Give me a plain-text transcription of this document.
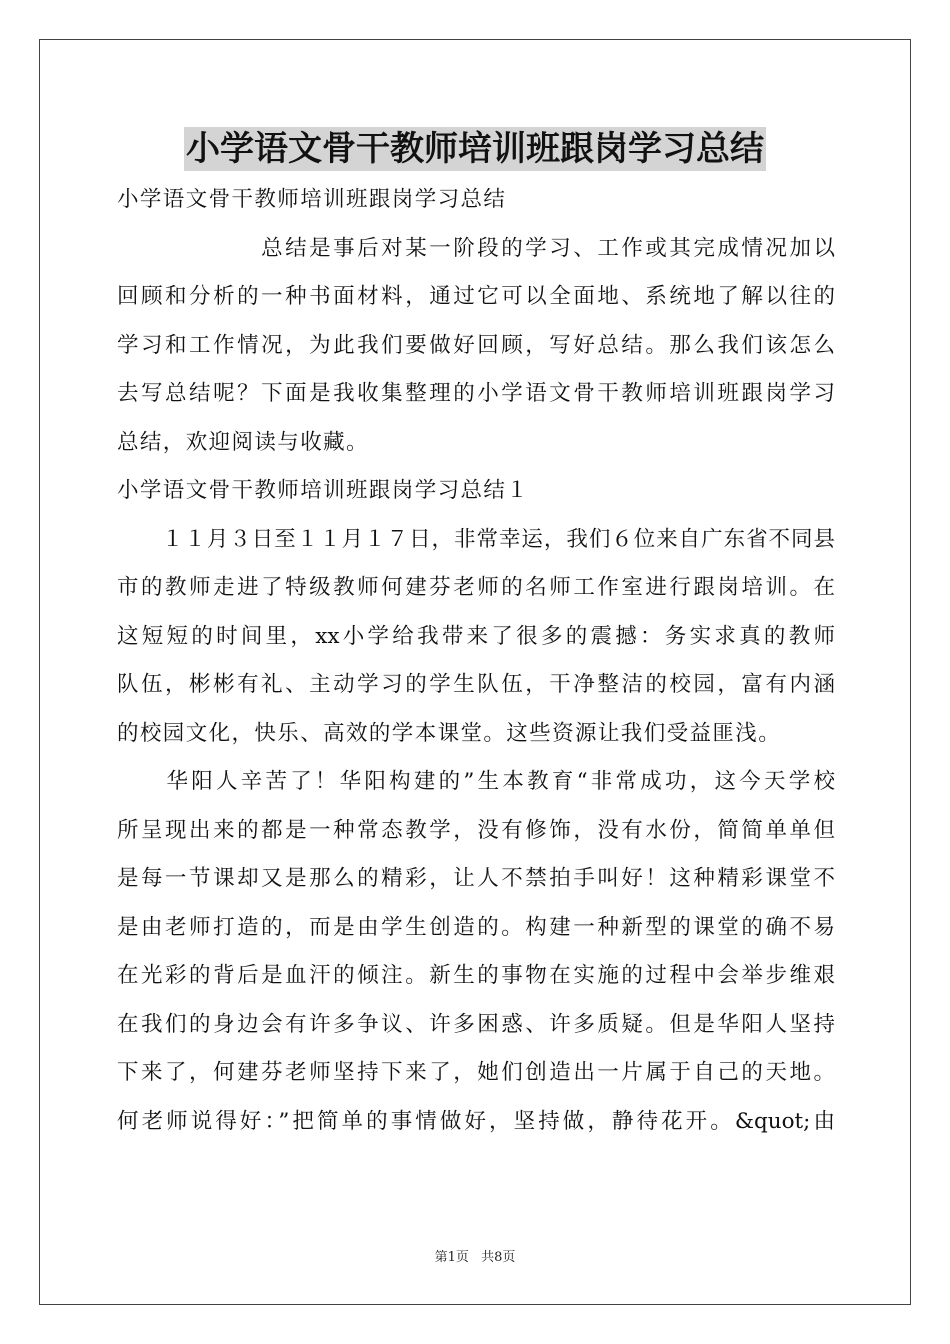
小学语文骨干教师培训班跟岗学习总结
小学语文骨干教师培训班跟岗学习总结
　　　　　　总结是事后对某一阶段的学习、工作或其完成情况加以
回顾和分析的一种书面材料，通过它可以全面地、系统地了解以往的
学习和工作情况，为此我们要做好回顾，写好总结。那么我们该怎么
去写总结呢？下面是我收集整理的小学语文骨干教师培训班跟岗学习
总结，欢迎阅读与收藏。
小学语文骨干教师培训班跟岗学习总结１
　　１１月３日至１１月１７日，非常幸运，我们６位来自广东省不同县
市的教师走进了特级教师何建芬老师的名师工作室进行跟岗培训。在
这短短的时间里，xx小学给我带来了很多的震撼：务实求真的教师
队伍，彬彬有礼、主动学习的学生队伍，干净整洁的校园，富有内涵
的校园文化，快乐、高效的学本课堂。这些资源让我们受益匪浅。
　　华阳人辛苦了！华阳构建的”生本教育“非常成功，这今天学校
所呈现出来的都是一种常态教学，没有修饰，没有水份，简简单单但
是每一节课却又是那么的精彩，让人不禁拍手叫好！这种精彩课堂不
是由老师打造的，而是由学生创造的。构建一种新型的课堂的确不易
在光彩的背后是血汗的倾注。新生的事物在实施的过程中会举步维艰
在我们的身边会有许多争议、许多困惑、许多质疑。但是华阳人坚持
下来了，何建芬老师坚持下来了，她们创造出一片属于自己的天地。
何老师说得好：”把简单的事情做好，坚持做，静待花开。&quot;由
第1页 共8页
